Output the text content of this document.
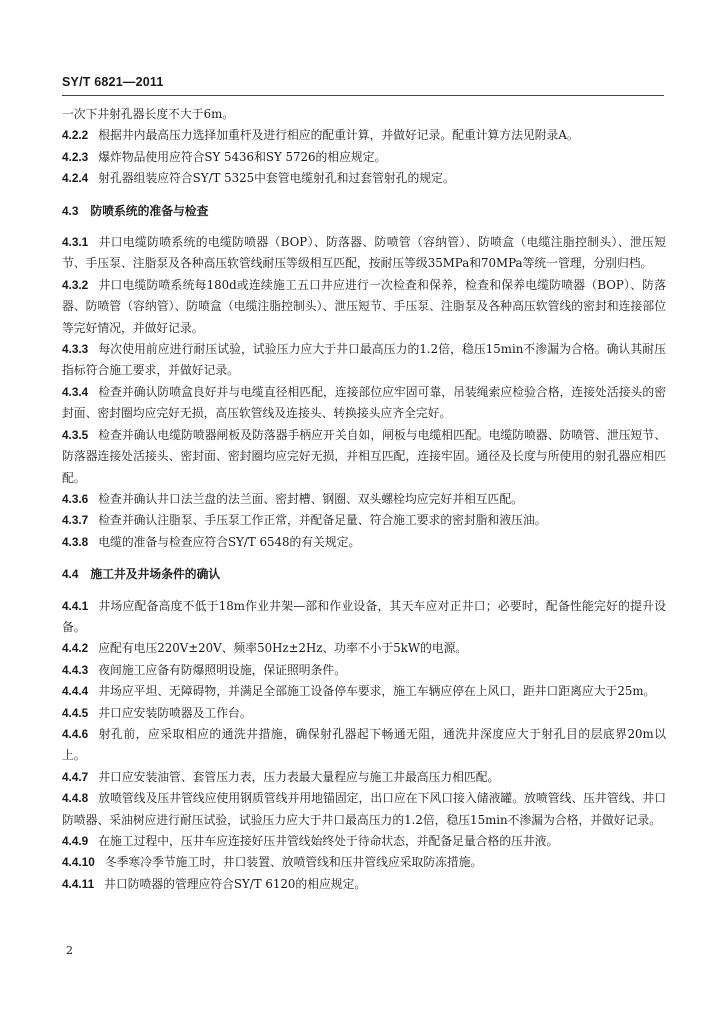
SY/T 6821—2011
一次下井射孔器长度不大于6m。
4.2.2 根据井内最高压力选择加重杆及进行相应的配重计算，并做好记录。配重计算方法见附录A。
4.2.3 爆炸物品使用应符合SY 5436和SY 5726的相应规定。
4.2.4 射孔器组装应符合SY/T 5325中套管电缆射孔和过套管射孔的规定。
4.3 防喷系统的准备与检查
4.3.1 井口电缆防喷系统的电缆防喷器（BOP）、防落器、防喷管（容纳管）、防喷盒（电缆注脂控制头）、泄压短节、手压泵、注脂泵及各种高压软管线耐压等级相互匹配，按耐压等级35MPa和70MPa等统一管理，分别归档。
4.3.2 井口电缆防喷系统每180d或连续施工五口井应进行一次检查和保养，检查和保养电缆防喷器（BOP）、防落器、防喷管（容纳管）、防喷盒（电缆注脂控制头）、泄压短节、手压泵、注脂泵及各种高压软管线的密封和连接部位等完好情况，并做好记录。
4.3.3 每次使用前应进行耐压试验，试验压力应大于井口最高压力的1.2倍，稳压15min不渗漏为合格。确认其耐压指标符合施工要求，并做好记录。
4.3.4 检查并确认防喷盒良好并与电缆直径相匹配，连接部位应牢固可靠，吊装绳索应检验合格，连接处活接头的密封面、密封圈均应完好无损，高压软管线及连接头、转换接头应齐全完好。
4.3.5 检查并确认电缆防喷器闸板及防落器手柄应开关自如，闸板与电缆相匹配。电缆防喷器、防喷管、泄压短节、防落器连接处活接头、密封面、密封圈均应完好无损，并相互匹配，连接牢固。通径及长度与所使用的射孔器应相匹配。
4.3.6 检查并确认井口法兰盘的法兰面、密封槽、钢圈、双头螺栓均应完好并相互匹配。
4.3.7 检查并确认注脂泵、手压泵工作正常，并配备足量、符合施工要求的密封脂和液压油。
4.3.8 电缆的准备与检查应符合SY/T 6548的有关规定。
4.4 施工井及井场条件的确认
4.4.1 井场应配备高度不低于18m作业井架—部和作业设备，其天车应对正井口；必要时，配备性能完好的提升设备。
4.4.2 应配有电压220V±20V、频率50Hz±2Hz、功率不小于5kW的电源。
4.4.3 夜间施工应备有防爆照明设施，保证照明条件。
4.4.4 井场应平坦、无障碍物，并满足全部施工设备停车要求，施工车辆应停在上风口，距井口距离应大于25m。
4.4.5 井口应安装防喷器及工作台。
4.4.6 射孔前，应采取相应的通洗井措施，确保射孔器起下畅通无阻，通洗井深度应大于射孔目的层底界20m以上。
4.4.7 井口应安装油管、套管压力表，压力表最大量程应与施工井最高压力相匹配。
4.4.8 放喷管线及压井管线应使用钢质管线并用地锚固定，出口应在下风口接入储液罐。放喷管线、压井管线、井口防喷器、采油树应进行耐压试验，试验压力应大于井口最高压力的1.2倍，稳压15min不渗漏为合格，并做好记录。
4.4.9 在施工过程中，压井车应连接好压井管线始终处于待命状态，并配备足量合格的压井液。
4.4.10 冬季寒冷季节施工时，井口装置、放喷管线和压井管线应采取防冻措施。
4.4.11 井口防喷器的管理应符合SY/T 6120的相应规定。
2
